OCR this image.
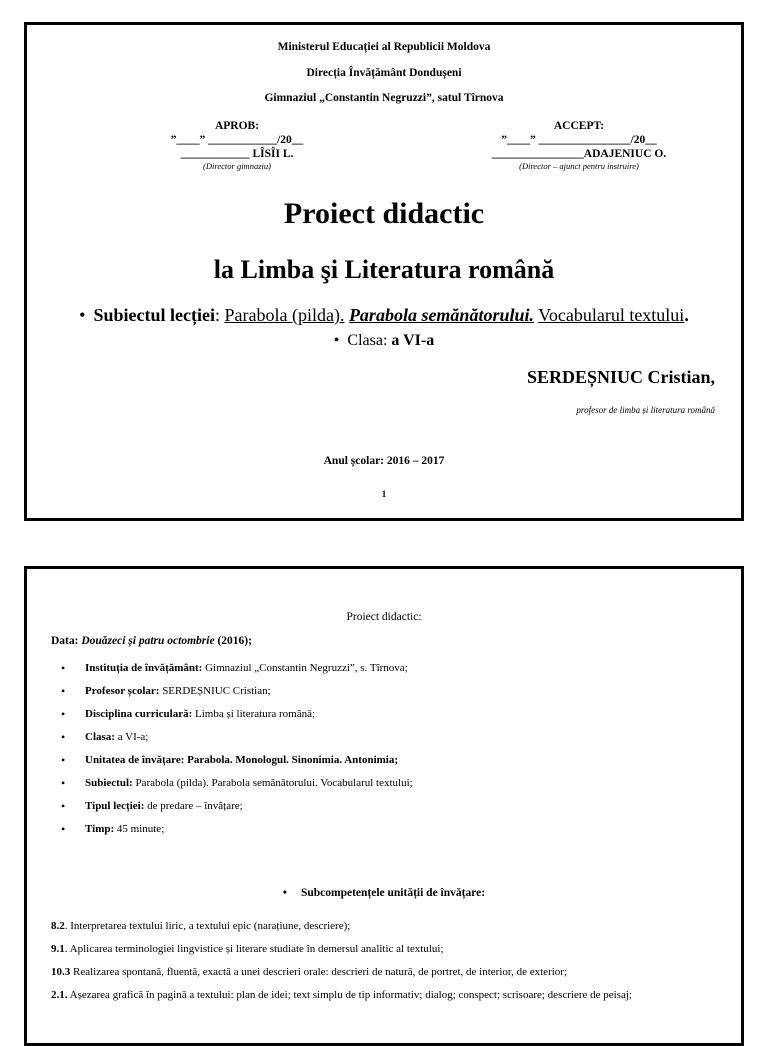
Ministerul Educației al Republicii Moldova
Direcția Învățământ Dondușeni
Gimnaziul „Constantin Negruzzi”, satul Tîrnova
APROB:
”____” ____________/20__
____________ LÎSÎI L.
(Director gimnaziu)
ACCEPT:
”____” ________________/20__
________________ADAJENIUC O.
(Director – ajunct pentru instruire)
Proiect didactic
la Limba şi Literatura română
• Subiectul lecției: Parabola (pilda). Parabola semănătorului. Vocabularul textului.
• Clasa: a VI-a
SERDEȘNIUC Cristian,
profesor de limba și literatura română
Anul școlar: 2016 – 2017
1
Proiect didactic:
Data: Douăzeci și patru octombrie (2016);
• Instituția de învățământ: Gimnaziul „Constantin Negruzzi”, s. Tîrnova;
• Profesor școlar: SERDEȘNIUC Cristian;
• Disciplina curriculară: Limba și literatura română;
• Clasa: a VI-a;
• Unitatea de învățare: Parabola. Monologul. Sinonimia. Antonimia;
• Subiectul: Parabola (pilda). Parabola semănătorului. Vocabularul textului;
• Tipul lecției: de predare – învățare;
• Timp: 45 minute;
• Subcompetențele unității de învățare:
8.2. Interpretarea textului liric, a textului epic (narațiune, descriere);
9.1. Aplicarea terminologiei lingvistice și literare studiate în demersul analitic al textului;
10.3 Realizarea spontană, fluentă, exactă a unei descrieri orale: descrieri de natură, de portret, de interior, de exterior;
2.1. Așezarea grafică în pagină a textului: plan de idei; text simplu de tip informativ; dialog; conspect; scrisoare; descriere de peisaj;
